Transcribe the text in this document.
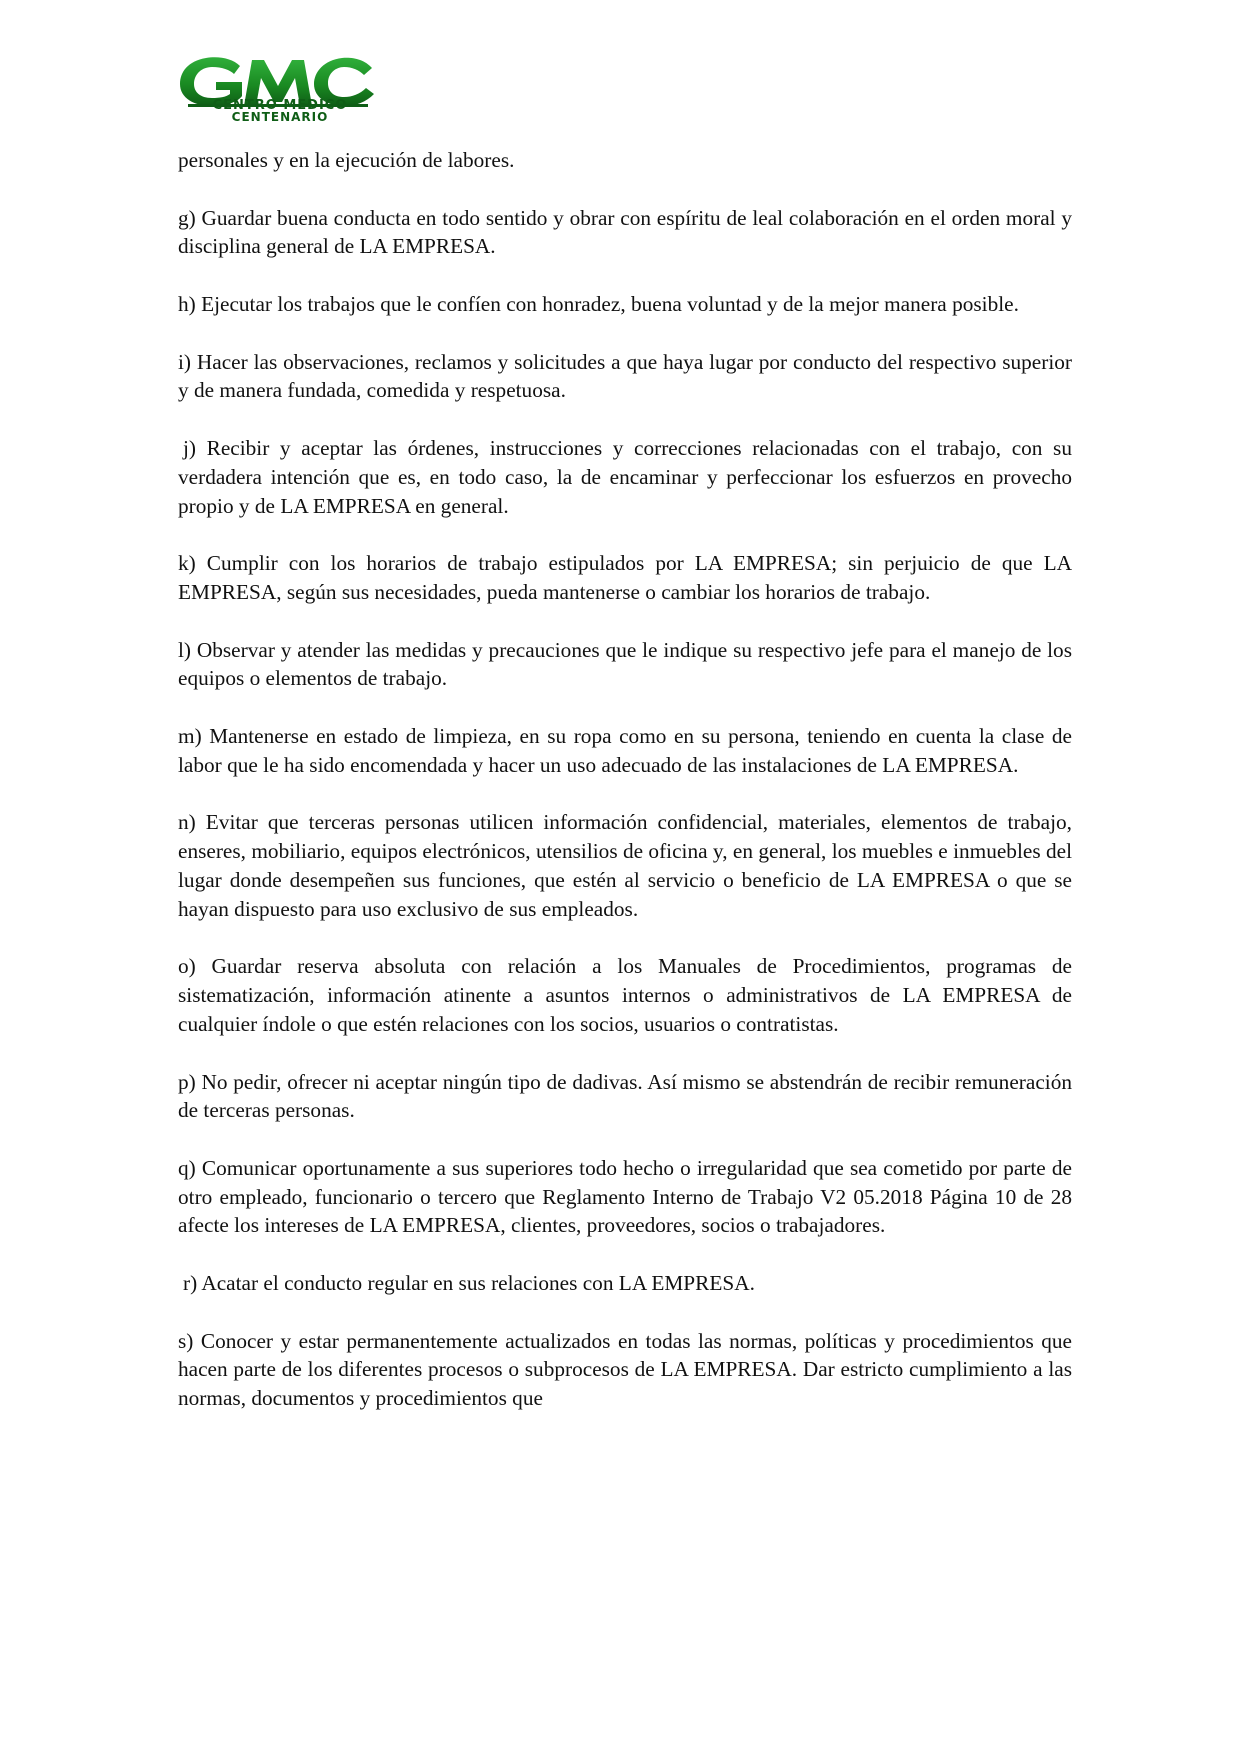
CENTRO MEDICO
CENTENARIO

personales y en la ejecución de labores.

g) Guardar buena conducta en todo sentido y obrar con espíritu de leal colaboración en el orden moral y disciplina general de LA EMPRESA.

h) Ejecutar los trabajos que le confíen con honradez, buena voluntad y de la mejor manera posible.

i) Hacer las observaciones, reclamos y solicitudes a que haya lugar por conducto del respectivo superior y de manera fundada, comedida y respetuosa.

j) Recibir y aceptar las órdenes, instrucciones y correcciones relacionadas con el trabajo, con su verdadera intención que es, en todo caso, la de encaminar y perfeccionar los esfuerzos en provecho propio y de LA EMPRESA en general.

k) Cumplir con los horarios de trabajo estipulados por LA EMPRESA; sin perjuicio de que LA EMPRESA, según sus necesidades, pueda mantenerse o cambiar los horarios de trabajo.

l) Observar y atender las medidas y precauciones que le indique su respectivo jefe para el manejo de los equipos o elementos de trabajo.

m) Mantenerse en estado de limpieza, en su ropa como en su persona, teniendo en cuenta la clase de labor que le ha sido encomendada y hacer un uso adecuado de las instalaciones de LA EMPRESA.

n) Evitar que terceras personas utilicen información confidencial, materiales, elementos de trabajo, enseres, mobiliario, equipos electrónicos, utensilios de oficina y, en general, los muebles e inmuebles del lugar donde desempeñen sus funciones, que estén al servicio o beneficio de LA EMPRESA o que se hayan dispuesto para uso exclusivo de sus empleados.

o) Guardar reserva absoluta con relación a los Manuales de Procedimientos, programas de sistematización, información atinente a asuntos internos o administrativos de LA EMPRESA de cualquier índole o que estén relaciones con los socios, usuarios o contratistas.

p) No pedir, ofrecer ni aceptar ningún tipo de dadivas. Así mismo se abstendrán de recibir remuneración de terceras personas.

q) Comunicar oportunamente a sus superiores todo hecho o irregularidad que sea cometido por parte de otro empleado, funcionario o tercero que Reglamento Interno de Trabajo V2 05.2018 Página 10 de 28 afecte los intereses de LA EMPRESA, clientes, proveedores, socios o trabajadores.

r) Acatar el conducto regular en sus relaciones con LA EMPRESA.

s) Conocer y estar permanentemente actualizados en todas las normas, políticas y procedimientos que hacen parte de los diferentes procesos o subprocesos de LA EMPRESA. Dar estricto cumplimiento a las normas, documentos y procedimientos que
